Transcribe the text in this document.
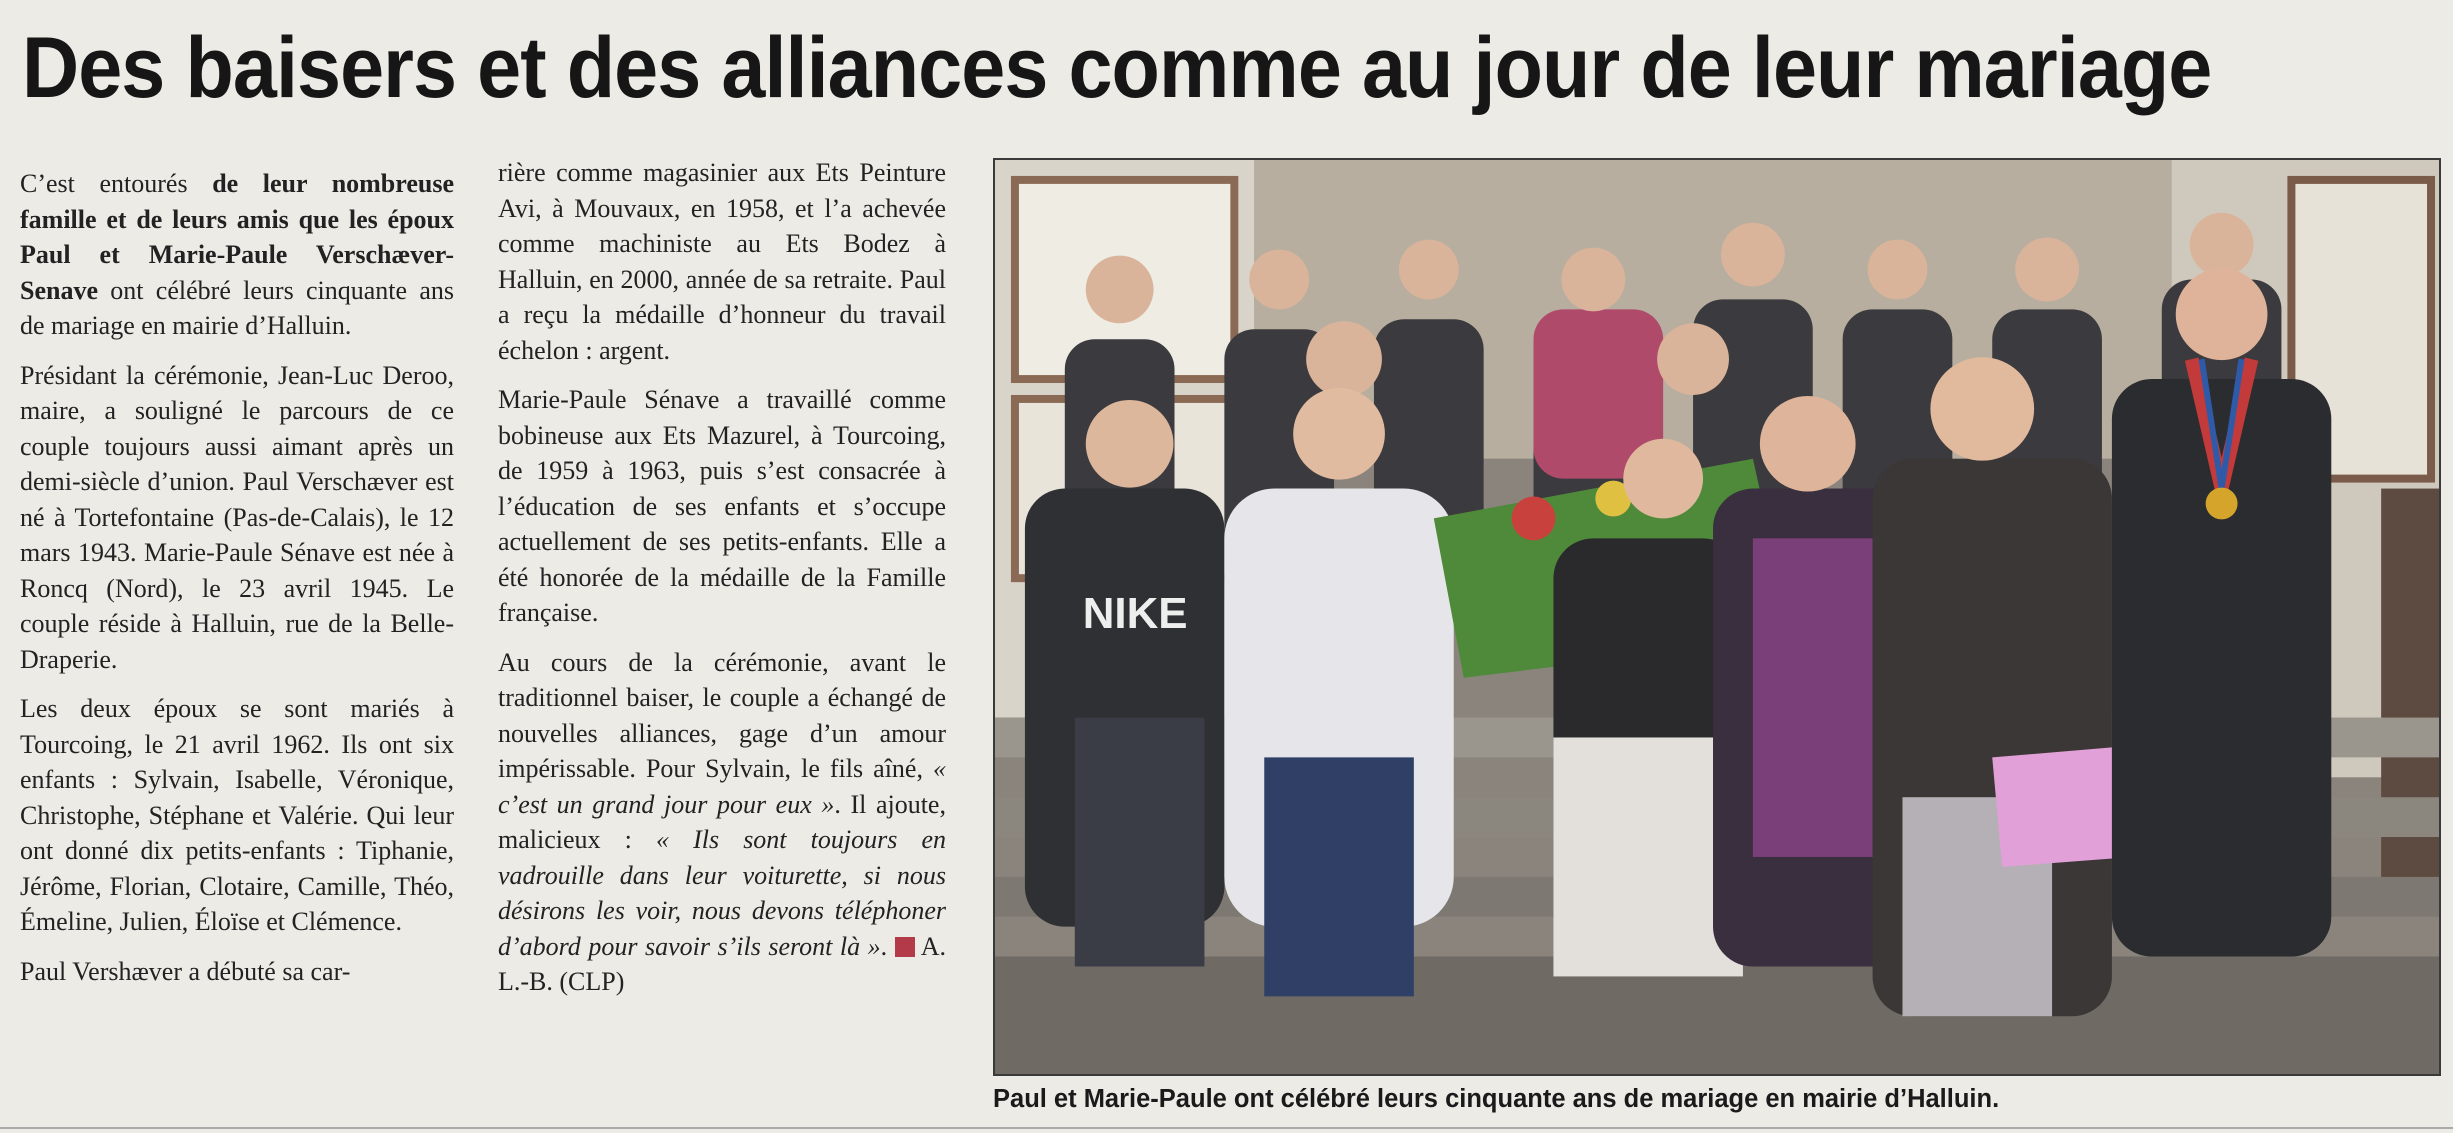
Des baisers et des alliances comme au jour de leur mariage

C’est entourés de leur nombreuse famille et de leurs amis que les époux Paul et Marie-Paule Verschæver-Senave ont célébré leurs cinquante ans de mariage en mairie d’Halluin.

Présidant la cérémonie, Jean-Luc Deroo, maire, a souligné le parcours de ce couple toujours aussi aimant après un demi-siècle d’union. Paul Verschæver est né à Tortefontaine (Pas-de-Calais), le 12 mars 1943. Marie-Paule Sénave est née à Roncq (Nord), le 23 avril 1945. Le couple réside à Halluin, rue de la Belle-Draperie.

Les deux époux se sont mariés à Tourcoing, le 21 avril 1962. Ils ont six enfants : Sylvain, Isabelle, Véronique, Christophe, Stéphane et Valérie. Qui leur ont donné dix petits-enfants : Tiphanie, Jérôme, Florian, Clotaire, Camille, Théo, Émeline, Julien, Éloïse et Clémence.

Paul Vershæver a débuté sa car-

rière comme magasinier aux Ets Peinture Avi, à Mouvaux, en 1958, et l’a achevée comme machiniste au Ets Bodez à Halluin, en 2000, année de sa retraite. Paul a reçu la médaille d’honneur du travail échelon : argent.

Marie-Paule Sénave a travaillé comme bobineuse aux Ets Mazurel, à Tourcoing, de 1959 à 1963, puis s’est consacrée à l’éducation de ses enfants et s’occupe actuellement de ses petits-enfants. Elle a été honorée de la médaille de la Famille française.

Au cours de la cérémonie, avant le traditionnel baiser, le couple a échangé de nouvelles alliances, gage d’un amour impérissable. Pour Sylvain, le fils aîné, « c’est un grand jour pour eux ». Il ajoute, malicieux : « Ils sont toujours en vadrouille dans leur voiturette, si nous désirons les voir, nous devons téléphoner d’abord pour savoir s’ils seront là ».  A. L.-B. (CLP)

NIKE
Paul et Marie-Paule ont célébré leurs cinquante ans de mariage en mairie d’Halluin.
